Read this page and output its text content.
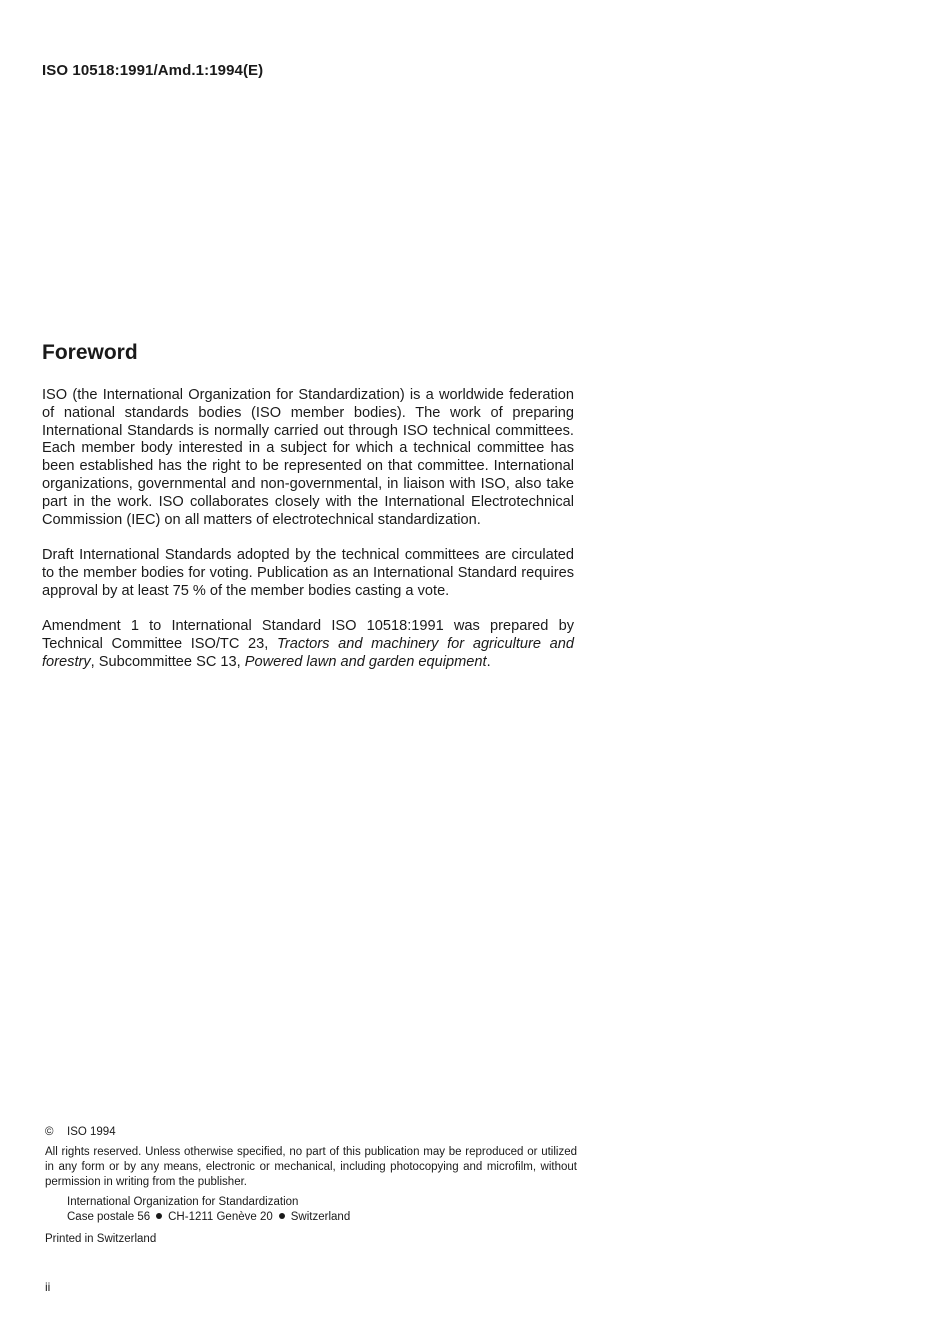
ISO 10518:1991/Amd.1:1994(E)
Foreword

ISO (the International Organization for Standardization) is a worldwide federation of national standards bodies (ISO member bodies). The work of preparing International Standards is normally carried out through ISO technical committees. Each member body interested in a subject for which a technical committee has been established has the right to be represented on that committee. International organizations, governmental and non-governmental, in liaison with ISO, also take part in the work. ISO collaborates closely with the International Electrotechnical Commission (IEC) on all matters of electrotechnical standardization.

Draft International Standards adopted by the technical committees are circulated to the member bodies for voting. Publication as an International Standard requires approval by at least 75 % of the member bodies casting a vote.

Amendment 1 to International Standard ISO 10518:1991 was prepared by Technical Committee ISO/TC 23, Tractors and machinery for agriculture and forestry, Subcommittee SC 13, Powered lawn and garden equipment.

© ISO 1994
All rights reserved. Unless otherwise specified, no part of this publication may be reproduced or utilized in any form or by any means, electronic or mechanical, including photocopying and microfilm, without permission in writing from the publisher.
International Organization for Standardization
Case postale 56 CH-1211 Genève 20 Switzerland
Printed in Switzerland
ii
